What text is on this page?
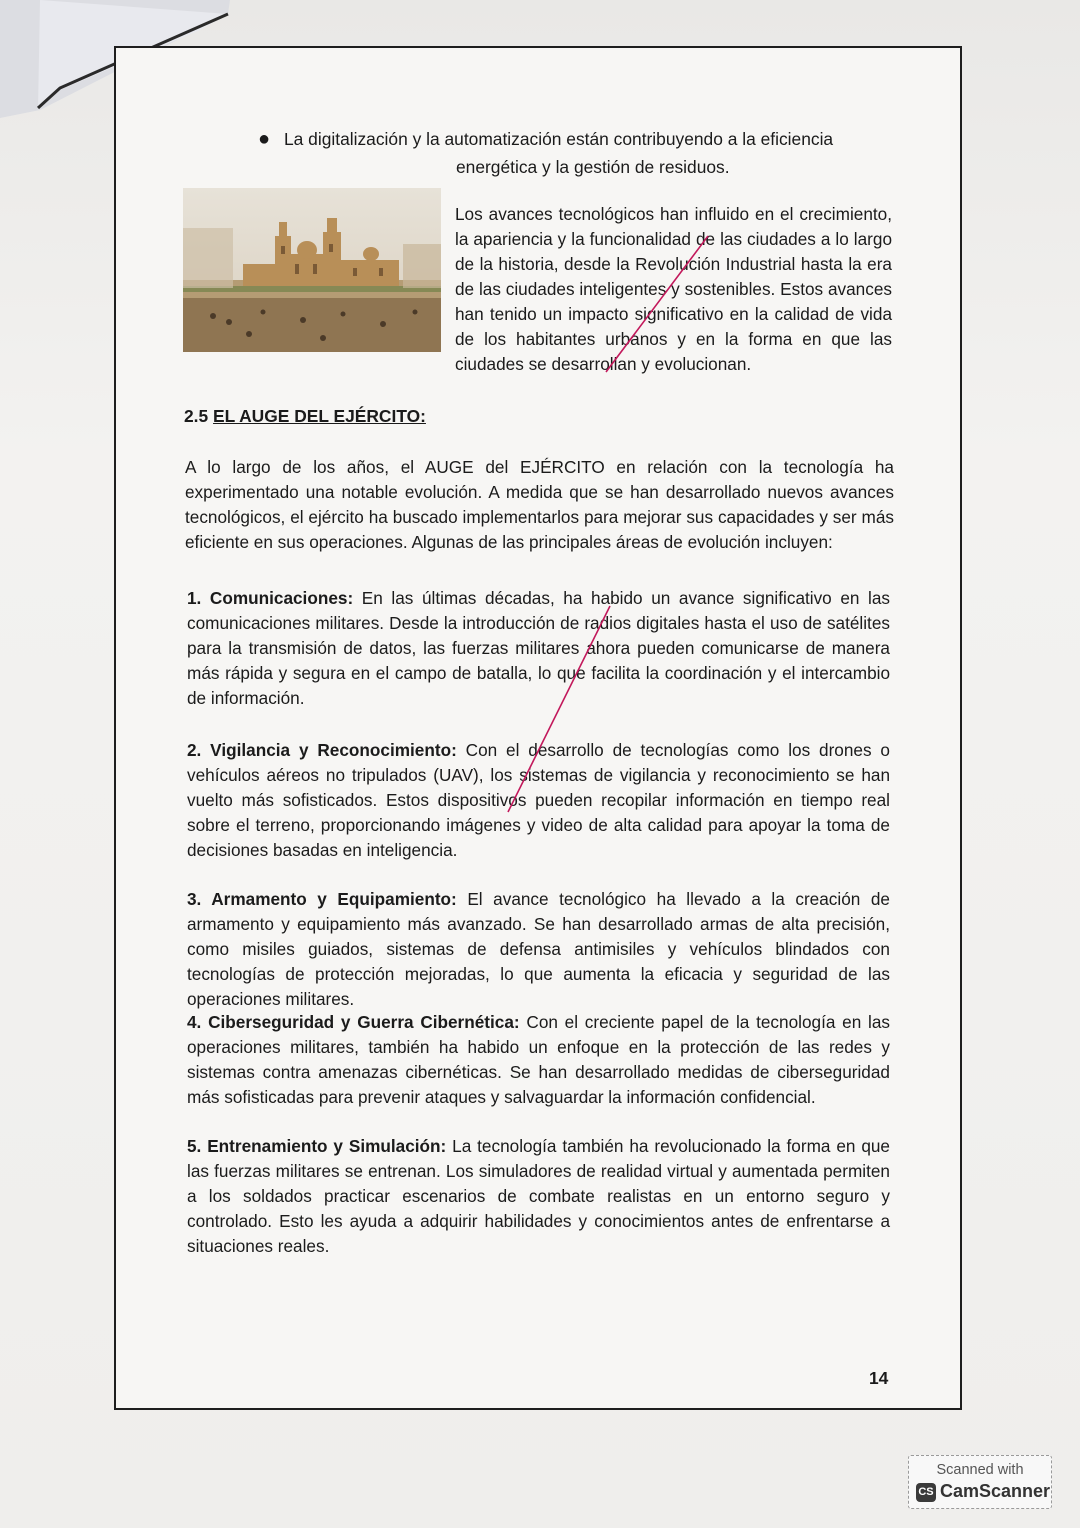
● La digitalización y la automatización están contribuyendo a la eficiencia
energética y la gestión de residuos.
Los avances tecnológicos han influido en el crecimiento, la apariencia y la funcionalidad de las ciudades a lo largo de la historia, desde la Revolución Industrial hasta la era de las ciudades inteligentes y sostenibles. Estos avances han tenido un impacto significativo en la calidad de vida de los habitantes urbanos y en la forma en que las ciudades se desarrollan y evolucionan.
2.5 EL AUGE DEL EJÉRCITO:
A lo largo de los años, el AUGE del EJÉRCITO en relación con la tecnología ha experimentado una notable evolución. A medida que se han desarrollado nuevos avances tecnológicos, el ejército ha buscado implementarlos para mejorar sus capacidades y ser más eficiente en sus operaciones. Algunas de las principales áreas de evolución incluyen:
1. Comunicaciones: En las últimas décadas, ha habido un avance significativo en las comunicaciones militares. Desde la introducción de radios digitales hasta el uso de satélites para la transmisión de datos, las fuerzas militares ahora pueden comunicarse de manera más rápida y segura en el campo de batalla, lo que facilita la coordinación y el intercambio de información.
2. Vigilancia y Reconocimiento: Con el desarrollo de tecnologías como los drones o vehículos aéreos no tripulados (UAV), los sistemas de vigilancia y reconocimiento se han vuelto más sofisticados. Estos dispositivos pueden recopilar información en tiempo real sobre el terreno, proporcionando imágenes y video de alta calidad para apoyar la toma de decisiones basadas en inteligencia.
3. Armamento y Equipamiento: El avance tecnológico ha llevado a la creación de armamento y equipamiento más avanzado. Se han desarrollado armas de alta precisión, como misiles guiados, sistemas de defensa antimisiles y vehículos blindados con tecnologías de protección mejoradas, lo que aumenta la eficacia y seguridad de las operaciones militares.
4. Ciberseguridad y Guerra Cibernética: Con el creciente papel de la tecnología en las operaciones militares, también ha habido un enfoque en la protección de las redes y sistemas contra amenazas cibernéticas. Se han desarrollado medidas de ciberseguridad más sofisticadas para prevenir ataques y salvaguardar la información confidencial.
5. Entrenamiento y Simulación: La tecnología también ha revolucionado la forma en que las fuerzas militares se entrenan. Los simuladores de realidad virtual y aumentada permiten a los soldados practicar escenarios de combate realistas en un entorno seguro y controlado. Esto les ayuda a adquirir habilidades y conocimientos antes de enfrentarse a situaciones reales.
14
Scanned with
CS CamScanner
